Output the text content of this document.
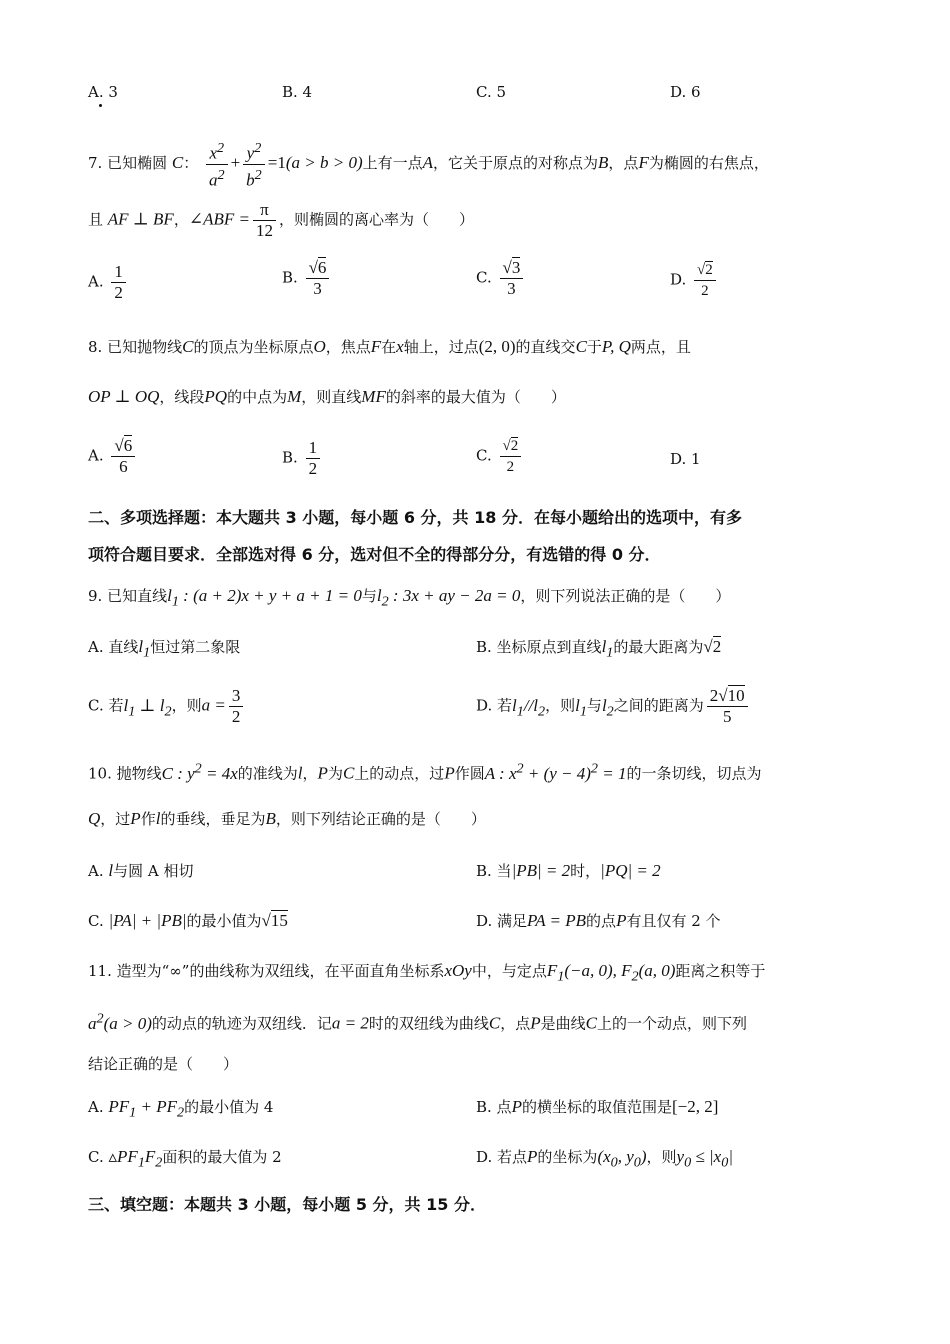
A. 3	B. 4	C. 5	D. 6
7. 已知椭圆 C： $\frac{x^2}{a^2} + \frac{y^2}{b^2} =1(a > b > 0)$上有一点A，它关于原点的对称点为B，点F为椭圆的右焦点，
且 AF ⊥ BF，∠ABF = $\frac{\pi}{12}$ ，则椭圆的离心率为（　　）
A. $\frac{1}{2}$	B. $\frac{√6}{3}$	C. $\frac{√3}{3}$	D. $\frac{√2}{2}$
8. 已知抛物线C的顶点为坐标原点O，焦点F在x轴上，过点(2, 0)的直线交C于P, Q两点，且
OP ⊥ OQ，线段PQ的中点为M，则直线MF的斜率的最大值为（　　）
A. $\frac{√6}{6}$	B. $\frac{1}{2}$	C. $\frac{√2}{2}$	D. 1
二、多项选择题：本大题共 3 小题，每小题 6 分，共 18 分．在每小题给出的选项中，有多
项符合题目要求．全部选对得 6 分，选对但不全的得部分分，有选错的得 0 分．
9. 已知直线$l_1$ : (a + 2)x + y + a + 1 = 0与$l_2$ : 3x + ay − 2a = 0，则下列说法正确的是（　　）
A. 直线$l_1$恒过第二象限	B. 坐标原点到直线$l_1$的最大距离为√2
C. 若$l_1$ ⊥ $l_2$，则$a = \frac{3}{2}$	D. 若$l_1//l_2$，则$l_1$与$l_2$之间的距离为 $\frac{2√10}{5}$
10. 抛物线C : $y^2 = 4x$的准线为l，P为C上的动点，过P作圆A : $x^2 + (y - 4)^2 = 1$的一条切线，切点为
Q，过P作l的垂线，垂足为B，则下列结论正确的是（　　）
A. l与圆 A 相切	B. 当|PB| = 2时，|PQ| = 2
C. |PA| + |PB|的最小值为√15	D. 满足PA = PB的点P有且仅有 2 个
11. 造型为“∞”的曲线称为双纽线，在平面直角坐标系xOy中，与定点$F_1(-a$, 0), $F_2(a$, 0)距离之积等于
$a^2(a > 0)$的动点的轨迹为双纽线．记a = 2时的双纽线为曲线C，点P是曲线C上的一个动点，则下列
结论正确的是（　　）
A. $PF_1 + PF_2$的最小值为 4	B. 点P的横坐标的取值范围是[−2, 2]
C. $▵PF_1F_2$面积的最大值为 2	D. 若点P的坐标为($x_0$, $y_0$)，则$y_0 \le |x_0|$
三、填空题：本题共 3 小题，每小题 5 分，共 15 分．
